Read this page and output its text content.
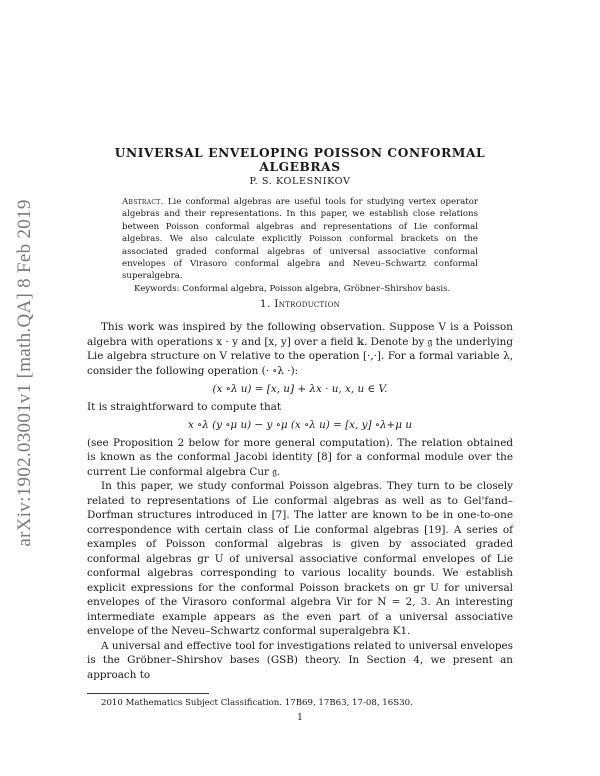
arXiv:1902.03001v1 [math.QA] 8 Feb 2019
UNIVERSAL ENVELOPING POISSON CONFORMAL ALGEBRAS
P. S. KOLESNIKOV
Abstract. Lie conformal algebras are useful tools for studying vertex operator algebras and their representations. In this paper, we establish close relations between Poisson conformal algebras and representations of Lie conformal algebras. We also calculate explicitly Poisson conformal brackets on the associated graded conformal algebras of universal associative conformal envelopes of Virasoro conformal algebra and Neveu–Schwartz conformal superalgebra.
Keywords: Conformal algebra, Poisson algebra, Gröbner–Shirshov basis.
1. Introduction

This work was inspired by the following observation. Suppose V is a Poisson algebra with operations x · y and [x, y] over a field 𝕜. Denote by 𝔤 the underlying Lie algebra structure on V relative to the operation [·,·]. For a formal variable λ, consider the following operation (· ∘λ ·):

(x ∘λ u) = [x, u] + λx · u, x, u ∈ V.

It is straightforward to compute that

x ∘λ (y ∘μ u) − y ∘μ (x ∘λ u) = [x, y] ∘λ+μ u

(see Proposition 2 below for more general computation). The relation obtained is known as the conformal Jacobi identity [8] for a conformal module over the current Lie conformal algebra Cur 𝔤.

In this paper, we study conformal Poisson algebras. They turn to be closely related to representations of Lie conformal algebras as well as to Gel'fand–Dorfman structures introduced in [7]. The latter are known to be in one-to-one correspondence with certain class of Lie conformal algebras [19]. A series of examples of Poisson conformal algebras is given by associated graded conformal algebras gr U of universal associative conformal envelopes of Lie conformal algebras corresponding to various locality bounds. We establish explicit expressions for the conformal Poisson brackets on gr U for universal envelopes of the Virasoro conformal algebra Vir for N = 2, 3. An interesting intermediate example appears as the even part of a universal associative envelope of the Neveu–Schwartz conformal superalgebra K1.

A universal and effective tool for investigations related to universal envelopes is the Gröbner–Shirshov bases (GSB) theory. In Section 4, we present an approach to

2010 Mathematics Subject Classification. 17B69, 17B63, 17-08, 16S30.
1
